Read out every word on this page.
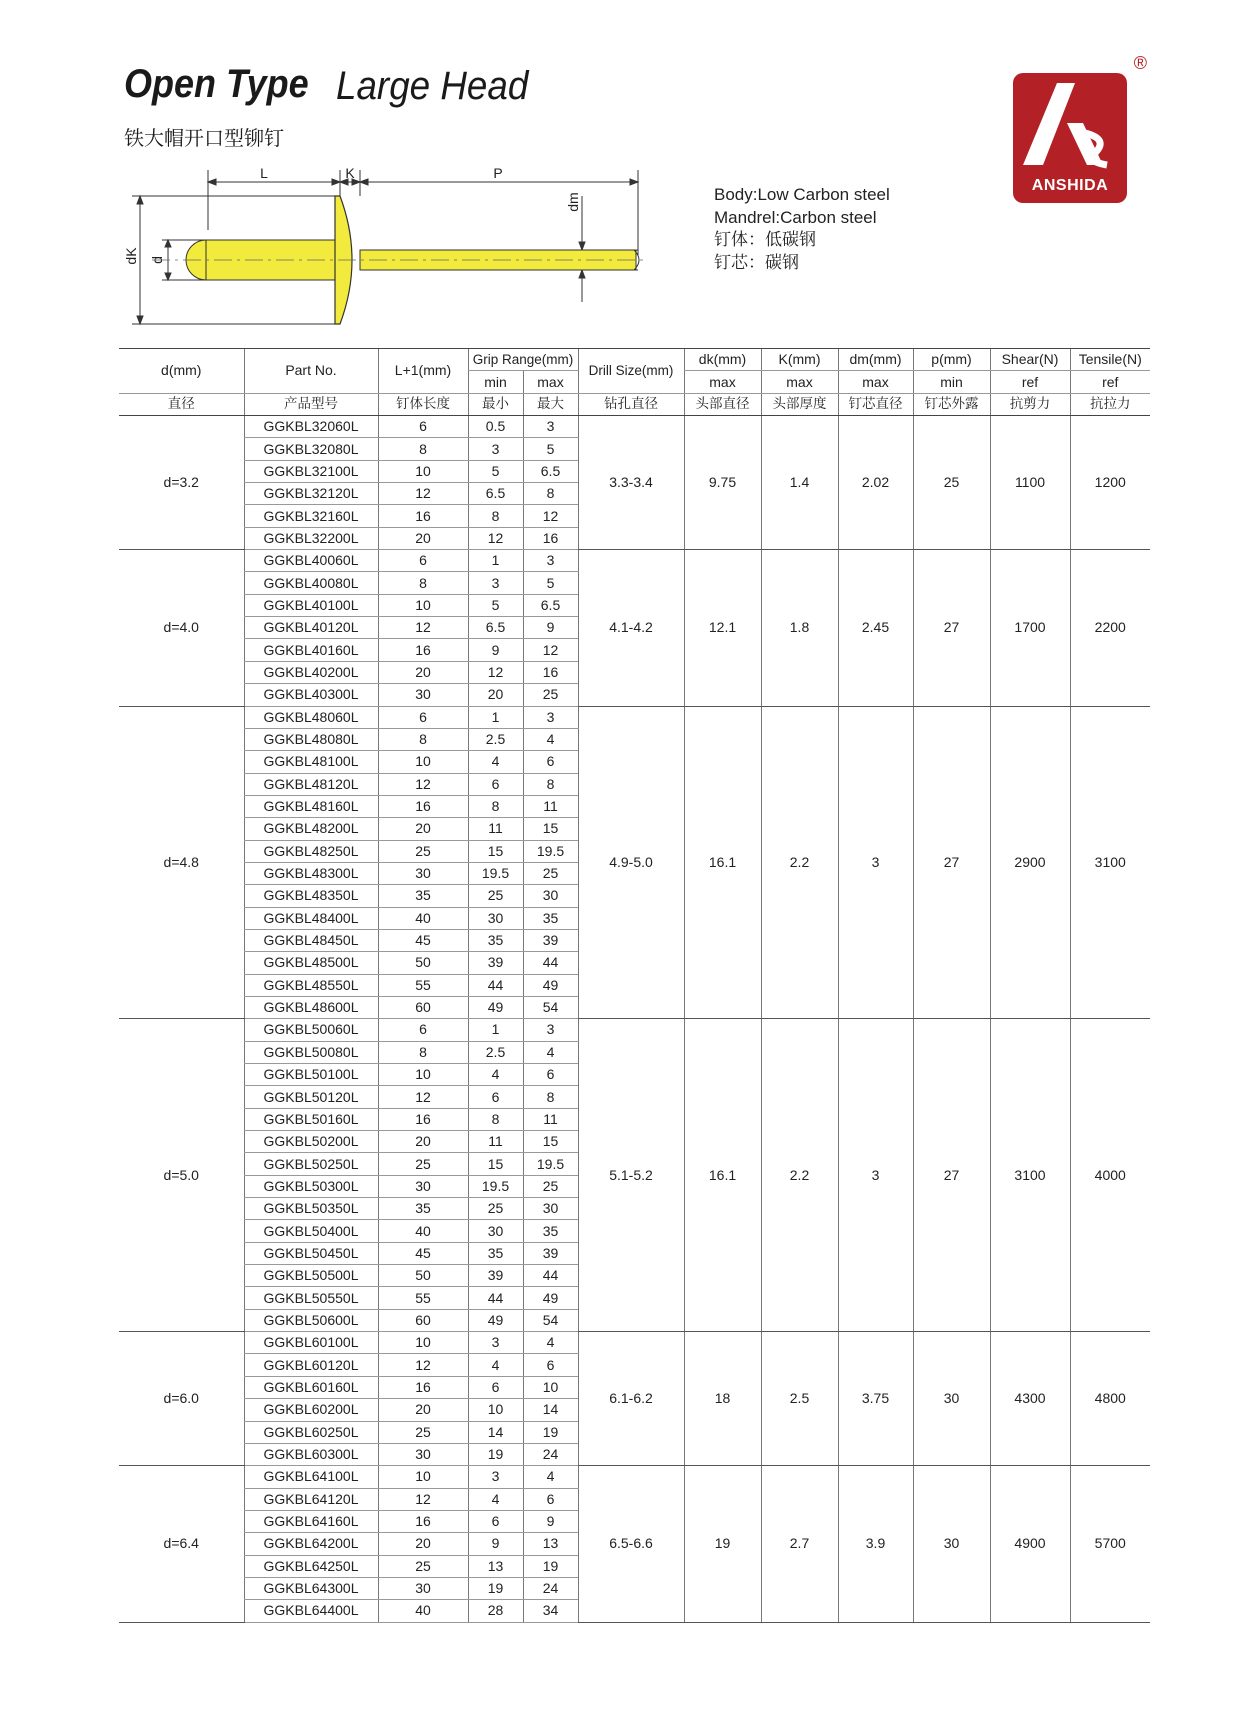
Open Type Large Head
铁大帽开口型铆钉
L	K	P
dm
dK d
Body:Low Carbon steel
Mandrel:Carbon steel
钉体：低碳钢
钉芯：碳钢
®
ANSHIDA
d(mm)	Part No.	L+1(mm)	Grip Range(mm)		Drill Size(mm)	dk(mm)	K(mm)	dm(mm)	p(mm)	Shear(N)	Tensile(N)
			min	max		max	max	max	min	ref	ref
直径	产品型号	钉体长度	最小	最大	钻孔直径	头部直径	头部厚度	钉芯直径	钉芯外露	抗剪力	抗拉力
d=3.2	GGKBL32060L	6	0.5	3	3.3-3.4	9.75	1.4	2.02	25	1100	1200
	GGKBL32080L	8	3	5							
	GGKBL32100L	10	5	6.5							
	GGKBL32120L	12	6.5	8							
	GGKBL32160L	16	8	12							
	GGKBL32200L	20	12	16							
d=4.0	GGKBL40060L	6	1	3	4.1-4.2	12.1	1.8	2.45	27	1700	2200
	GGKBL40080L	8	3	5							
	GGKBL40100L	10	5	6.5							
	GGKBL40120L	12	6.5	9							
	GGKBL40160L	16	9	12							
	GGKBL40200L	20	12	16							
	GGKBL40300L	30	20	25							
d=4.8	GGKBL48060L	6	1	3	4.9-5.0	16.1	2.2	3	27	2900	3100
	GGKBL48080L	8	2.5	4							
	GGKBL48100L	10	4	6							
	GGKBL48120L	12	6	8							
	GGKBL48160L	16	8	11							
	GGKBL48200L	20	11	15							
	GGKBL48250L	25	15	19.5							
	GGKBL48300L	30	19.5	25							
	GGKBL48350L	35	25	30							
	GGKBL48400L	40	30	35							
	GGKBL48450L	45	35	39							
	GGKBL48500L	50	39	44							
	GGKBL48550L	55	44	49							
	GGKBL48600L	60	49	54							
d=5.0	GGKBL50060L	6	1	3	5.1-5.2	16.1	2.2	3	27	3100	4000
	GGKBL50080L	8	2.5	4							
	GGKBL50100L	10	4	6							
	GGKBL50120L	12	6	8							
	GGKBL50160L	16	8	11							
	GGKBL50200L	20	11	15							
	GGKBL50250L	25	15	19.5							
	GGKBL50300L	30	19.5	25							
	GGKBL50350L	35	25	30							
	GGKBL50400L	40	30	35							
	GGKBL50450L	45	35	39							
	GGKBL50500L	50	39	44							
	GGKBL50550L	55	44	49							
	GGKBL50600L	60	49	54							
d=6.0	GGKBL60100L	10	3	4	6.1-6.2	18	2.5	3.75	30	4300	4800
	GGKBL60120L	12	4	6							
	GGKBL60160L	16	6	10							
	GGKBL60200L	20	10	14							
	GGKBL60250L	25	14	19							
	GGKBL60300L	30	19	24							
d=6.4	GGKBL64100L	10	3	4	6.5-6.6	19	2.7	3.9	30	4900	5700
	GGKBL64120L	12	4	6							
	GGKBL64160L	16	6	9							
	GGKBL64200L	20	9	13							
	GGKBL64250L	25	13	19							
	GGKBL64300L	30	19	24							
	GGKBL64400L	40	28	34							
